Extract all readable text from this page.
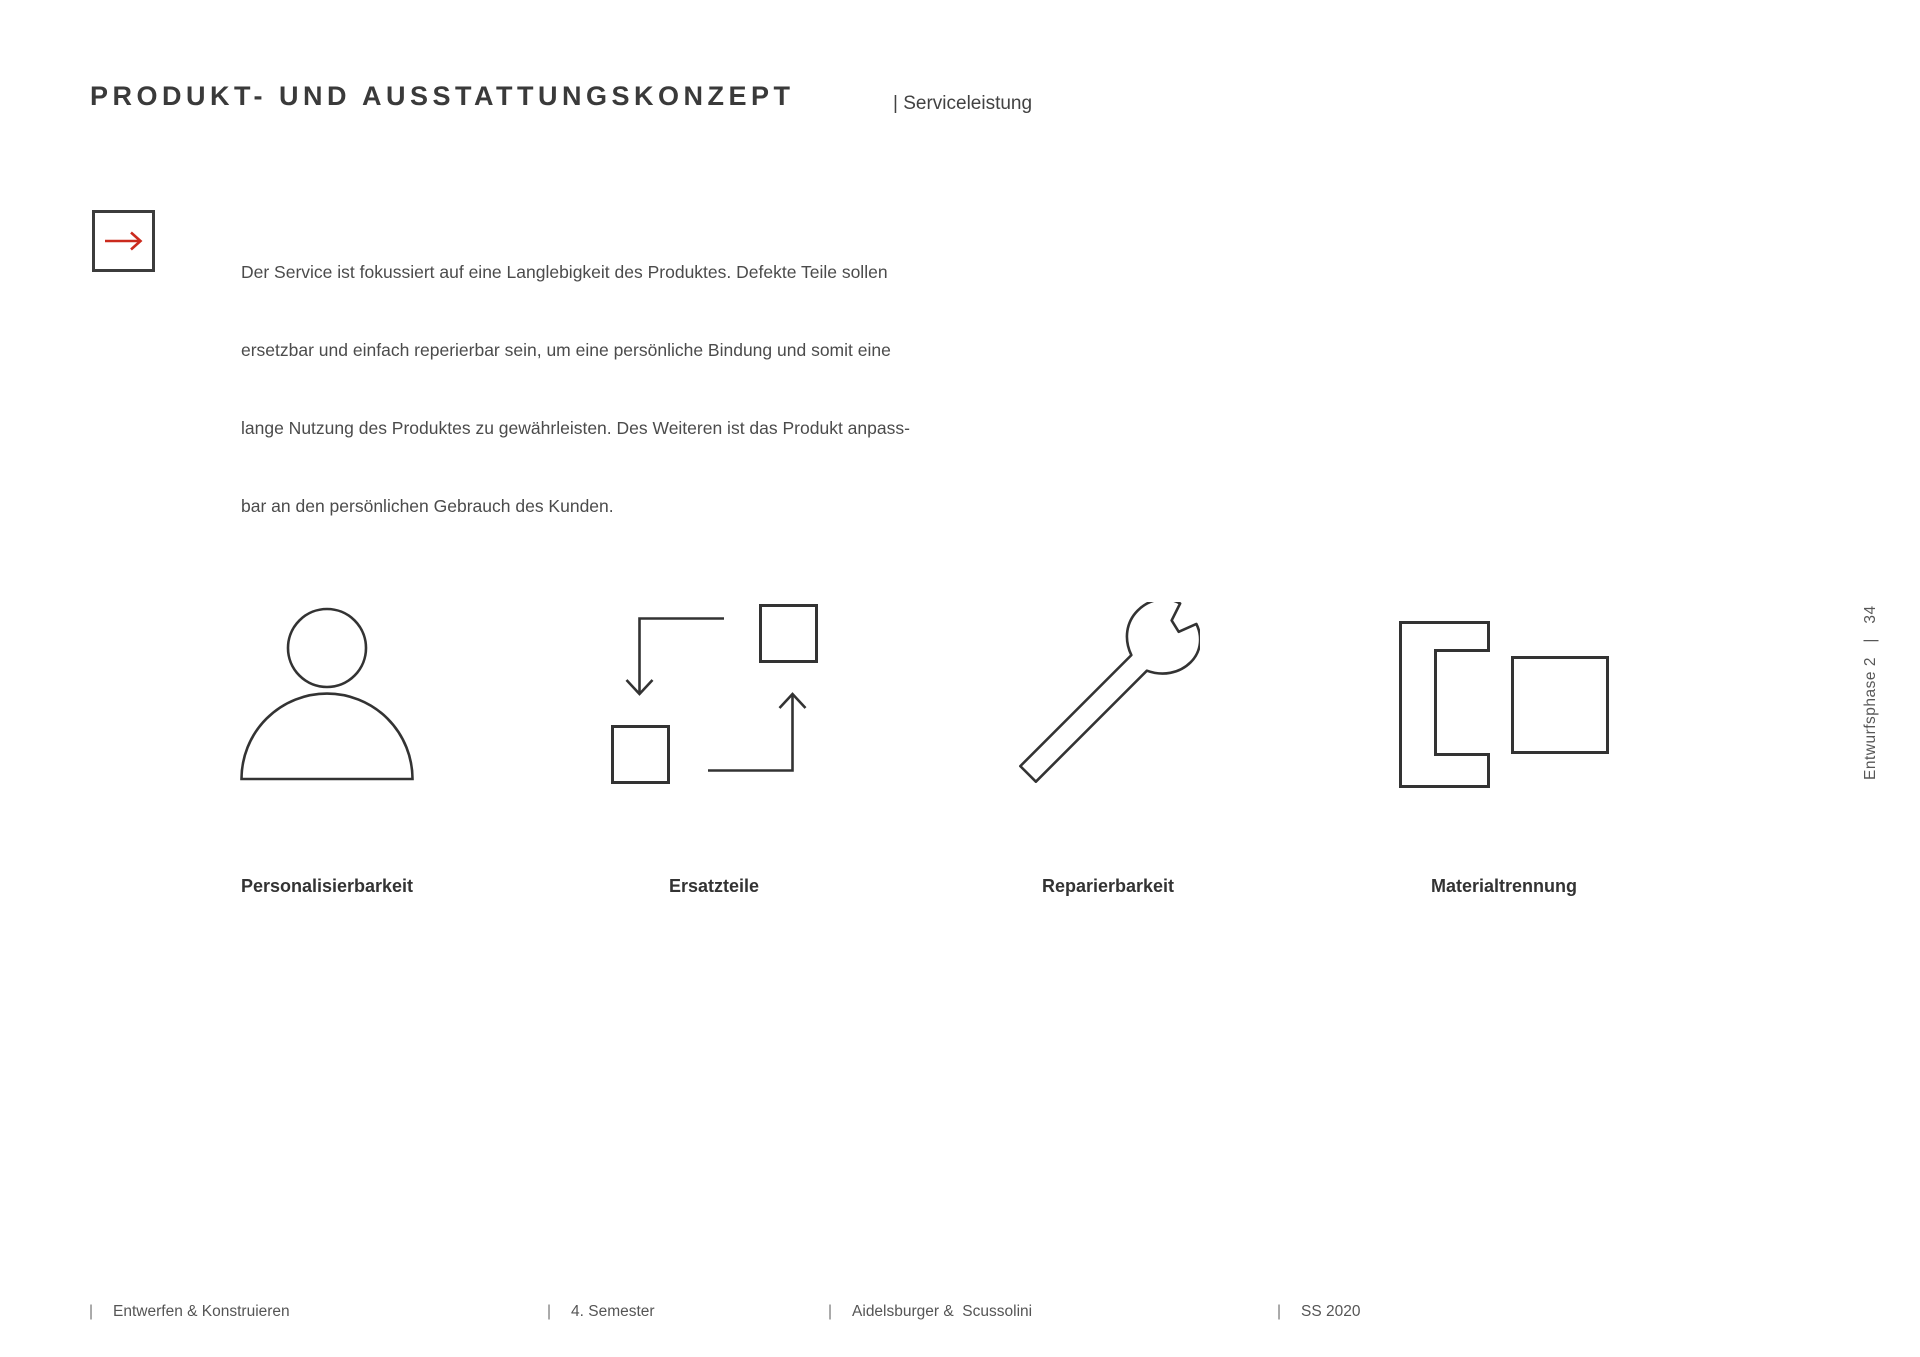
PRODUKT- UND AUSSTATTUNGSKONZEPT	| Serviceleistung

Der Service ist fokussiert auf eine Langlebigkeit des Produktes. Defekte Teile sollen

ersetzbar und einfach reperierbar sein, um eine persönliche Bindung und somit eine

lange Nutzung des Produktes zu gewährleisten. Des Weiteren ist das Produkt anpass-

bar an den persönlichen Gebrauch des Kunden.

Personalisierbarkeit	Ersatzteile	Reparierbarkeit	Materialtrennung
Entwurfsphase 2   |   34
| Entwerfen & Konstruieren	| 4. Semester	| Aidelsburger &  Scussolini	| SS 2020
